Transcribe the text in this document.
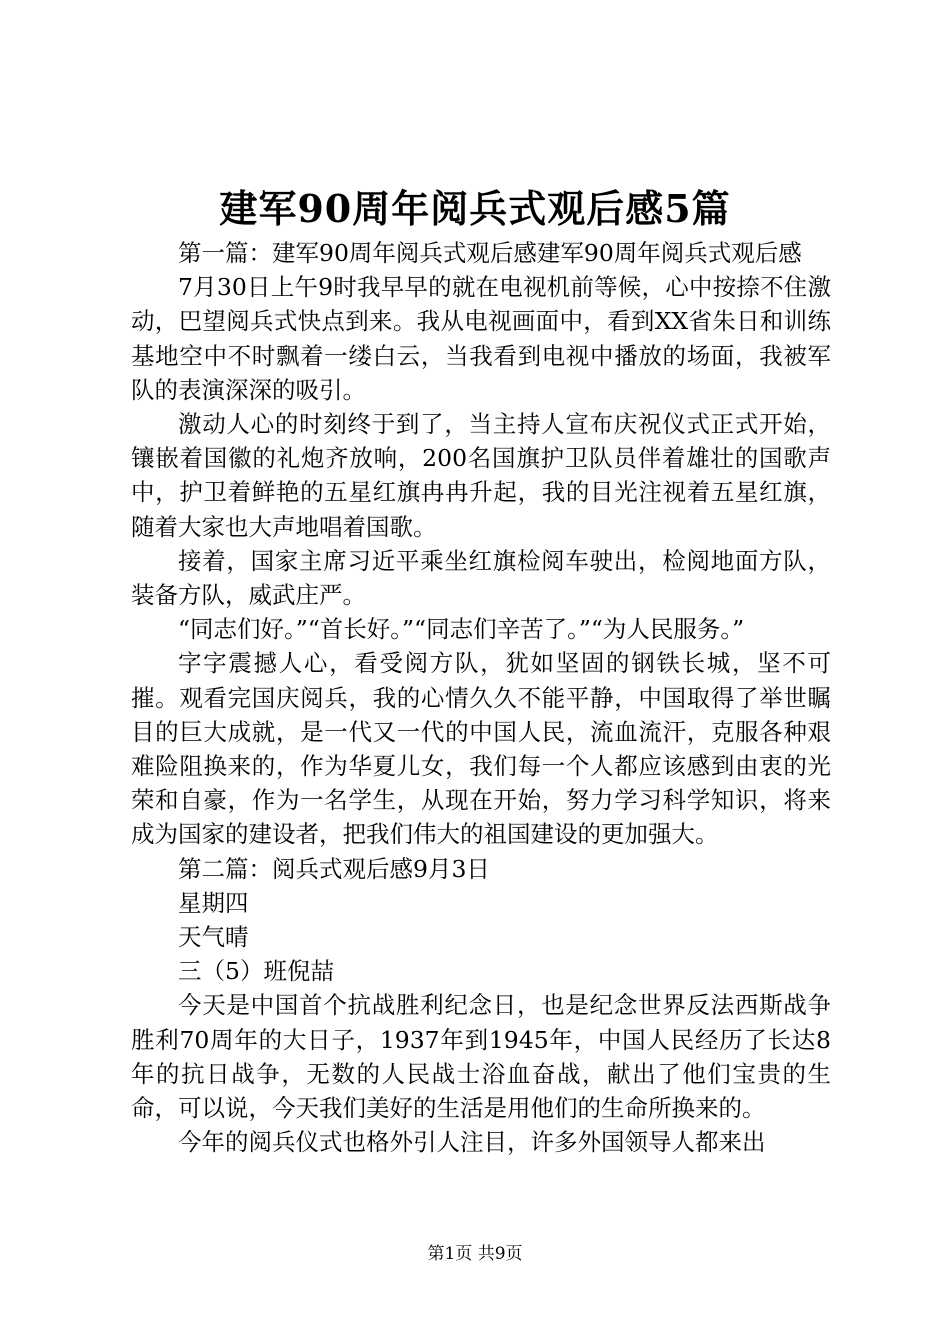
建军90周年阅兵式观后感5篇

第一篇：建军90周年阅兵式观后感建军90周年阅兵式观后感

7月30日上午9时我早早的就在电视机前等候，心中按捺不住激动，巴望阅兵式快点到来。我从电视画面中，看到XX省朱日和训练基地空中不时飘着一缕白云，当我看到电视中播放的场面，我被军队的表演深深的吸引。

激动人心的时刻终于到了，当主持人宣布庆祝仪式正式开始，镶嵌着国徽的礼炮齐放响，200名国旗护卫队员伴着雄壮的国歌声中，护卫着鲜艳的五星红旗冉冉升起，我的目光注视着五星红旗，随着大家也大声地唱着国歌。

接着，国家主席习近平乘坐红旗检阅车驶出，检阅地面方队，装备方队，威武庄严。

“同志们好。”“首长好。”“同志们辛苦了。”“为人民服务。”

字字震撼人心，看受阅方队，犹如坚固的钢铁长城，坚不可摧。观看完国庆阅兵，我的心情久久不能平静，中国取得了举世瞩目的巨大成就，是一代又一代的中国人民，流血流汗，克服各种艰难险阻换来的，作为华夏儿女，我们每一个人都应该感到由衷的光荣和自豪，作为一名学生，从现在开始，努力学习科学知识，将来成为国家的建设者，把我们伟大的祖国建设的更加强大。

第二篇：阅兵式观后感9月3日

星期四

天气晴

三（5）班倪喆

今天是中国首个抗战胜利纪念日，也是纪念世界反法西斯战争胜利70周年的大日子，1937年到1945年，中国人民经历了长达8年的抗日战争，无数的人民战士浴血奋战，献出了他们宝贵的生命，可以说，今天我们美好的生活是用他们的生命所换来的。

今年的阅兵仪式也格外引人注目，许多外国领导人都来出

第1页 共9页
